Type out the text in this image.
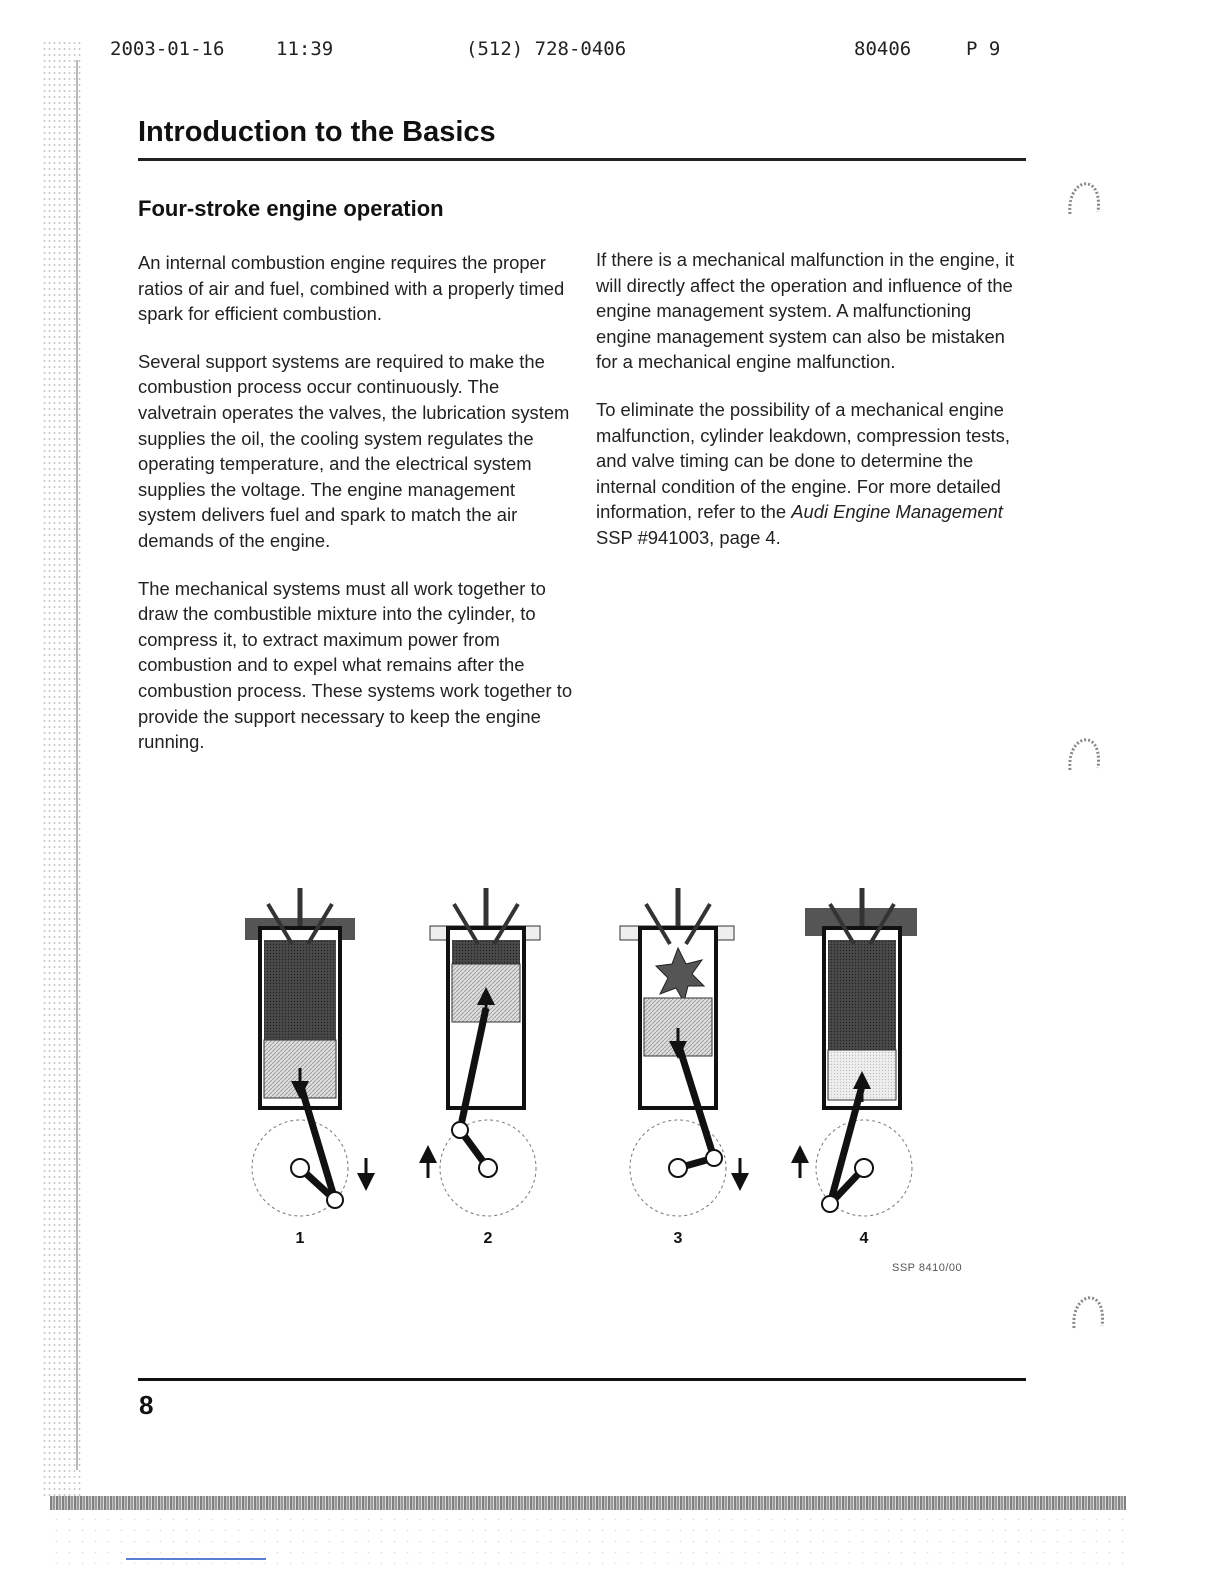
2003-01-16	11:39	(512) 728-0406	80406	P 9
Introduction to the Basics
Four-stroke engine operation

An internal combustion engine requires the proper ratios of air and fuel, combined with a properly timed spark for efficient combustion.

Several support systems are required to make the combustion process occur continuously. The valvetrain operates the valves, the lubrication system supplies the oil, the cooling system regulates the operating temperature, and the electrical system supplies the voltage. The engine management system delivers fuel and spark to match the air demands of the engine.

The mechanical systems must all work together to draw the combustible mixture into the cylinder, to compress it, to extract maximum power from combustion and to expel what remains after the combustion process. These systems work together to provide the support necessary to keep the engine running.

If there is a mechanical malfunction in the engine, it will directly affect the operation and influence of the engine management system. A malfunctioning engine management system can also be mistaken for a mechanical engine malfunction.

To eliminate the possibility of a mechanical engine malfunction, cylinder leakdown, compression tests, and valve timing can be done to determine the internal condition of the engine. For more detailed information, refer to the Audi Engine Management SSP #941003, page 4.

1	2	3	4
SSP 8410/00
8
